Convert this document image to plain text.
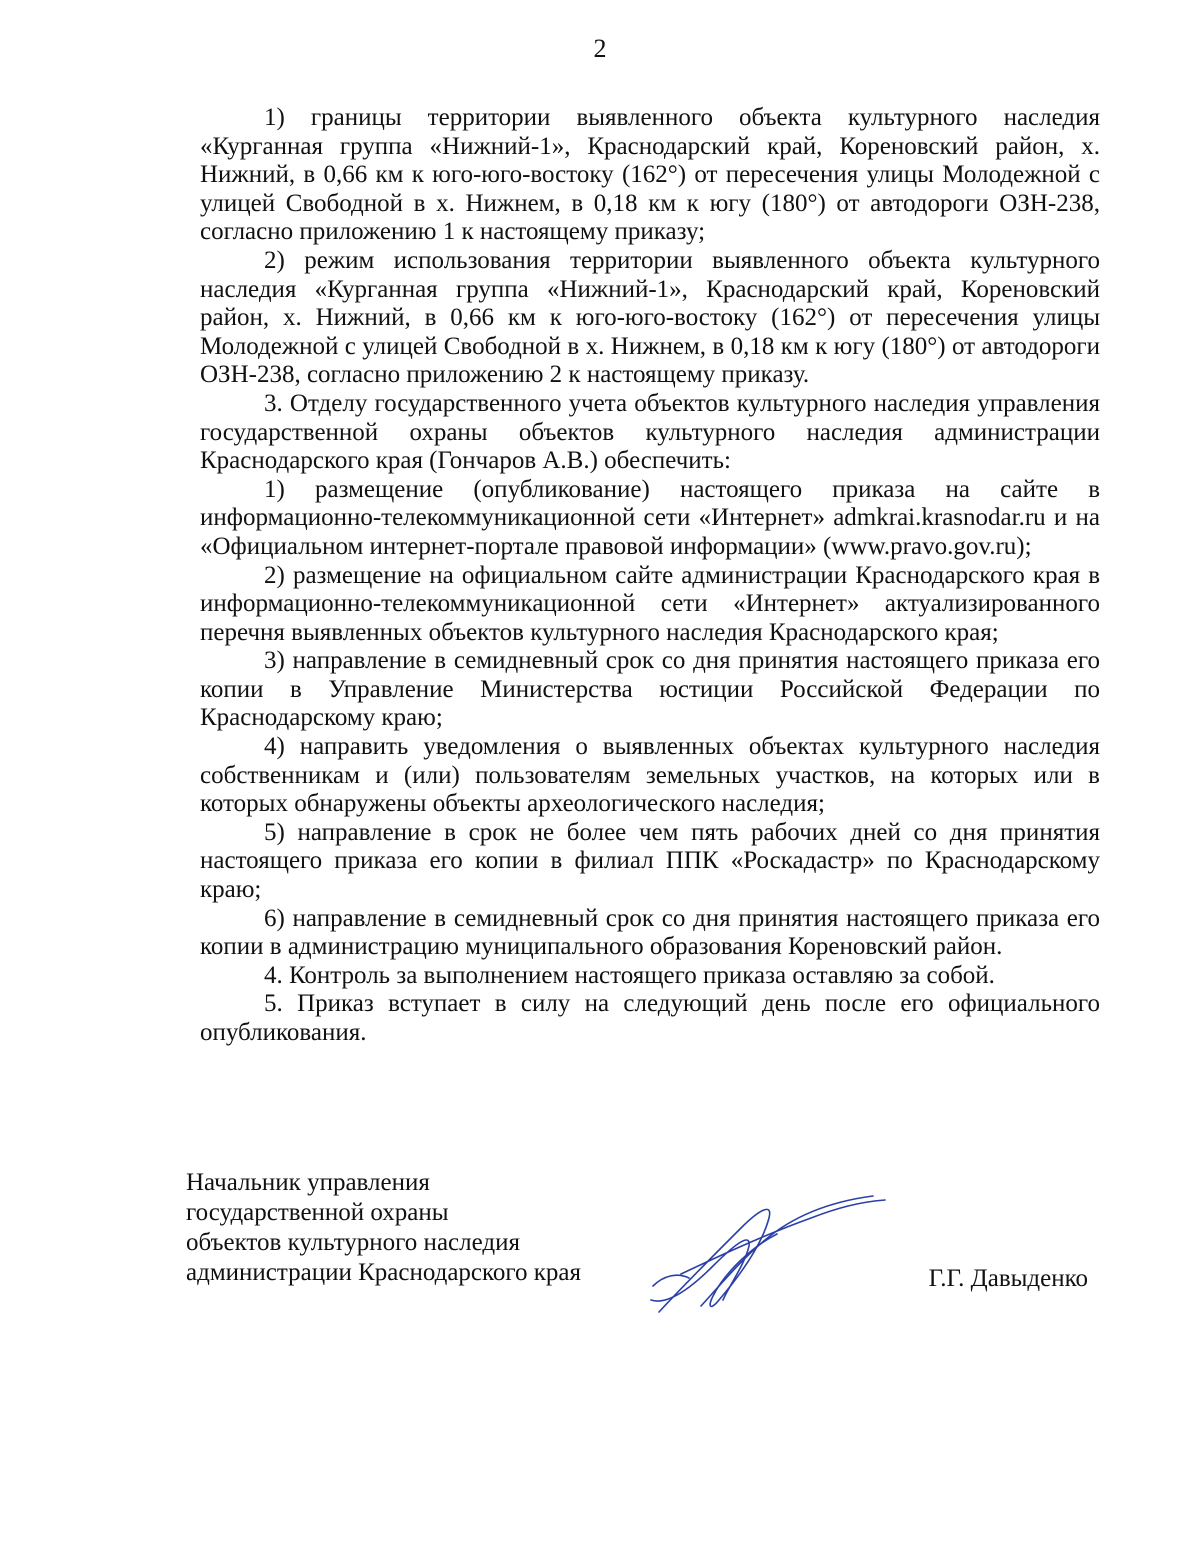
2

1) границы территории выявленного объекта культурного наследия «Курганная группа «Нижний-1», Краснодарский край, Кореновский район, х. Нижний, в 0,66 км к юго-юго-востоку (162°) от пересечения улицы Молодежной с улицей Свободной в х. Нижнем, в 0,18 км к югу (180°) от автодороги ОЗН-238, согласно приложению 1 к настоящему приказу;

2) режим использования территории выявленного объекта культурного наследия «Курганная группа «Нижний-1», Краснодарский край, Кореновский район, х. Нижний, в 0,66 км к юго-юго-востоку (162°) от пересечения улицы Молодежной с улицей Свободной в х. Нижнем, в 0,18 км к югу (180°) от автодороги ОЗН-238, согласно приложению 2 к настоящему приказу.

3. Отделу государственного учета объектов культурного наследия управления государственной охраны объектов культурного наследия администрации Краснодарского края (Гончаров А.В.) обеспечить:

1) размещение (опубликование) настоящего приказа на сайте в информационно-телекоммуникационной сети «Интернет» admkrai.krasnodar.ru и на «Официальном интернет-портале правовой информации» (www.pravo.gov.ru);

2) размещение на официальном сайте администрации Краснодарского края в информационно-телекоммуникационной сети «Интернет» актуализированного перечня выявленных объектов культурного наследия Краснодарского края;

3) направление в семидневный срок со дня принятия настоящего приказа его копии в Управление Министерства юстиции Российской Федерации по Краснодарскому краю;

4) направить уведомления о выявленных объектах культурного наследия собственникам и (или) пользователям земельных участков, на которых или в которых обнаружены объекты археологического наследия;

5) направление в срок не более чем пять рабочих дней со дня принятия настоящего приказа его копии в филиал ППК «Роскадастр» по Краснодарскому краю;

6) направление в семидневный срок со дня принятия настоящего приказа его копии в администрацию муниципального образования Кореновский район.

4. Контроль за выполнением настоящего приказа оставляю за собой.

5. Приказ вступает в силу на следующий день после его официального опубликования.

Начальник управления
государственной охраны
объектов культурного наследия
администрации Краснодарского края	Г.Г. Давыденко
